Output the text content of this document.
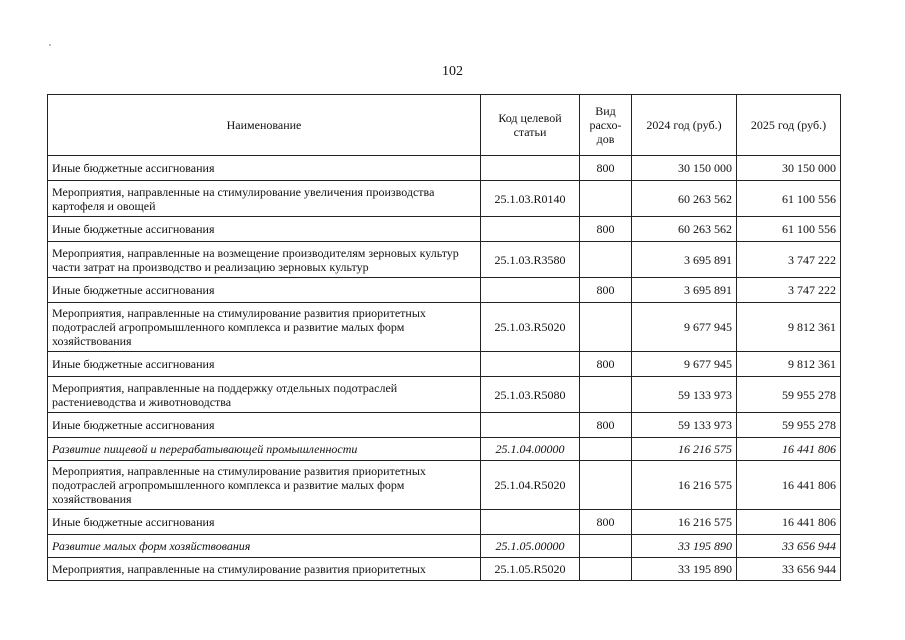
102
Наименование	Код целевой статьи	Вид расхо-дов	2024 год (руб.)	2025 год (руб.)
Иные бюджетные ассигнования		800	30 150 000	30 150 000
Мероприятия, направленные на стимулирование увеличения производства картофеля и овощей	25.1.03.R0140		60 263 562	61 100 556
Иные бюджетные ассигнования		800	60 263 562	61 100 556
Мероприятия, направленные на возмещение производителям зерновых культур части затрат на производство и реализацию зерновых культур	25.1.03.R3580		3 695 891	3 747 222
Иные бюджетные ассигнования		800	3 695 891	3 747 222
Мероприятия, направленные на стимулирование развития приоритетных подотраслей агропромышленного комплекса и развитие малых форм хозяйствования	25.1.03.R5020		9 677 945	9 812 361
Иные бюджетные ассигнования		800	9 677 945	9 812 361
Мероприятия, направленные на поддержку отдельных подотраслей растениеводства и животноводства	25.1.03.R5080		59 133 973	59 955 278
Иные бюджетные ассигнования		800	59 133 973	59 955 278
Развитие пищевой и перерабатывающей промышленности	25.1.04.00000		16 216 575	16 441 806
Мероприятия, направленные на стимулирование развития приоритетных подотраслей агропромышленного комплекса и развитие малых форм хозяйствования	25.1.04.R5020		16 216 575	16 441 806
Иные бюджетные ассигнования		800	16 216 575	16 441 806
Развитие малых форм хозяйствования	25.1.05.00000		33 195 890	33 656 944
Мероприятия, направленные на стимулирование развития приоритетных	25.1.05.R5020		33 195 890	33 656 944
